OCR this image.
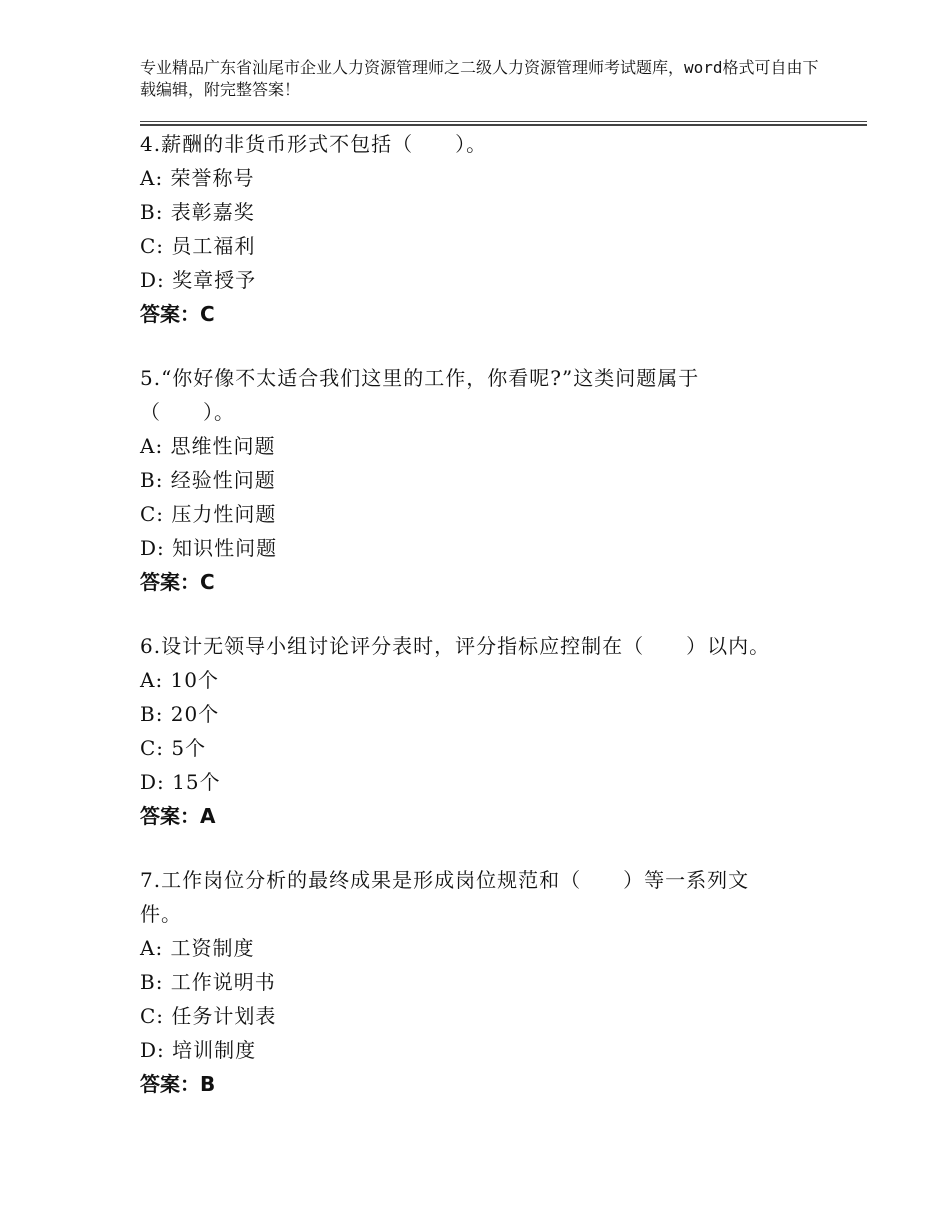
专业精品广东省汕尾市企业人力资源管理师之二级人力资源管理师考试题库，word格式可自由下载编辑，附完整答案！
4.薪酬的非货币形式不包括（　　）。
A: 荣誉称号
B: 表彰嘉奖
C: 员工福利
D: 奖章授予
答案：C
5.“你好像不太适合我们这里的工作，你看呢?”这类问题属于（　　）。
A: 思维性问题
B: 经验性问题
C: 压力性问题
D: 知识性问题
答案：C
6.设计无领导小组讨论评分表时，评分指标应控制在（　　）以内。
A: 10个
B: 20个
C: 5个
D: 15个
答案：A
7.工作岗位分析的最终成果是形成岗位规范和（　　）等一系列文件。
A: 工资制度
B: 工作说明书
C: 任务计划表
D: 培训制度
答案：B
